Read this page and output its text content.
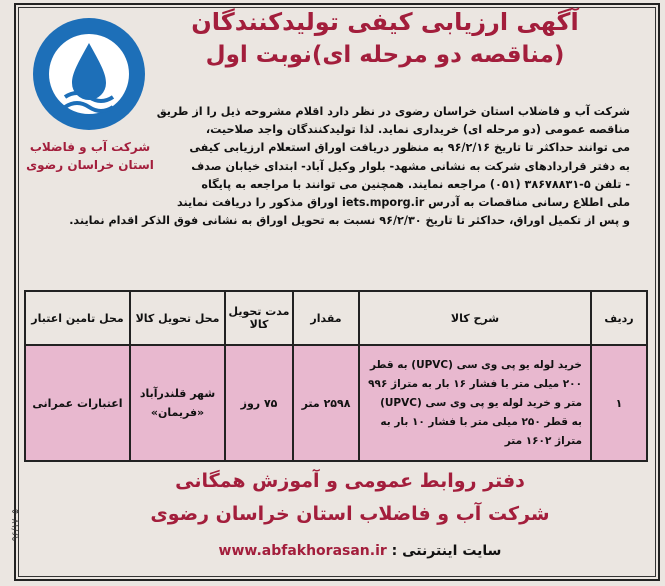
آگهی ارزیابی کیفی تولیدکنندگان
(مناقصه دو مرحله ای)نوبت اول
شرکت آب و فاضلاب
استان خراسان رضوی

شرکت آب و فاضلاب استان خراسان رضوی در نظر دارد اقلام مشروحه ذیل را از طریق

مناقصه عمومی (دو مرحله ای) خریداری نماید. لذا تولیدکنندگان واجد صلاحیت،

می توانند حداکثر تا تاریخ ۹۶/۲/۱۶ به منظور دریافت اوراق استعلام ارزیابی کیفی

به دفتر قراردادهای شرکت به نشانی مشهد- بلوار وکیل آباد- ابتدای خیابان صدف

- تلفن ۵-۳۸۶۷۸۸۳۱ (۰۵۱) مراجعه نمایند. همچنین می توانند با مراجعه به پایگاه

ملی اطلاع رسانی مناقصات به آدرس iets.mporg.ir اوراق مذکور را دریافت نمایند

و پس از تکمیل اوراق، حداکثر تا تاریخ ۹۶/۲/۳۰ نسبت به تحویل اوراق به نشانی فوق الذکر اقدام نمایند.

ردیف	شرح کالا	مقدار	مدت تحویل کالا	محل تحویل کالا	محل تامین اعتبار
۱	خرید لوله یو پی وی سی (UPVC) به قطر ۲۰۰ میلی متر با فشار ۱۶ بار به متراژ ۹۹۶ متر و خرید لوله یو پی وی سی (UPVC) به قطر ۲۵۰ میلی متر با فشار ۱۰ بار به متراژ ۱۶۰۲ متر	۲۵۹۸ متر	۷۵ روز	شهر قلندرآباد «فریمان»	اعتبارات عمرانی
دفتر روابط عمومی و آموزش همگانی
شرکت آب و فاضلاب استان خراسان رضوی
سایت اینترنتی : www.abfakhorasan.ir
۹۶/۱۷۰۵
